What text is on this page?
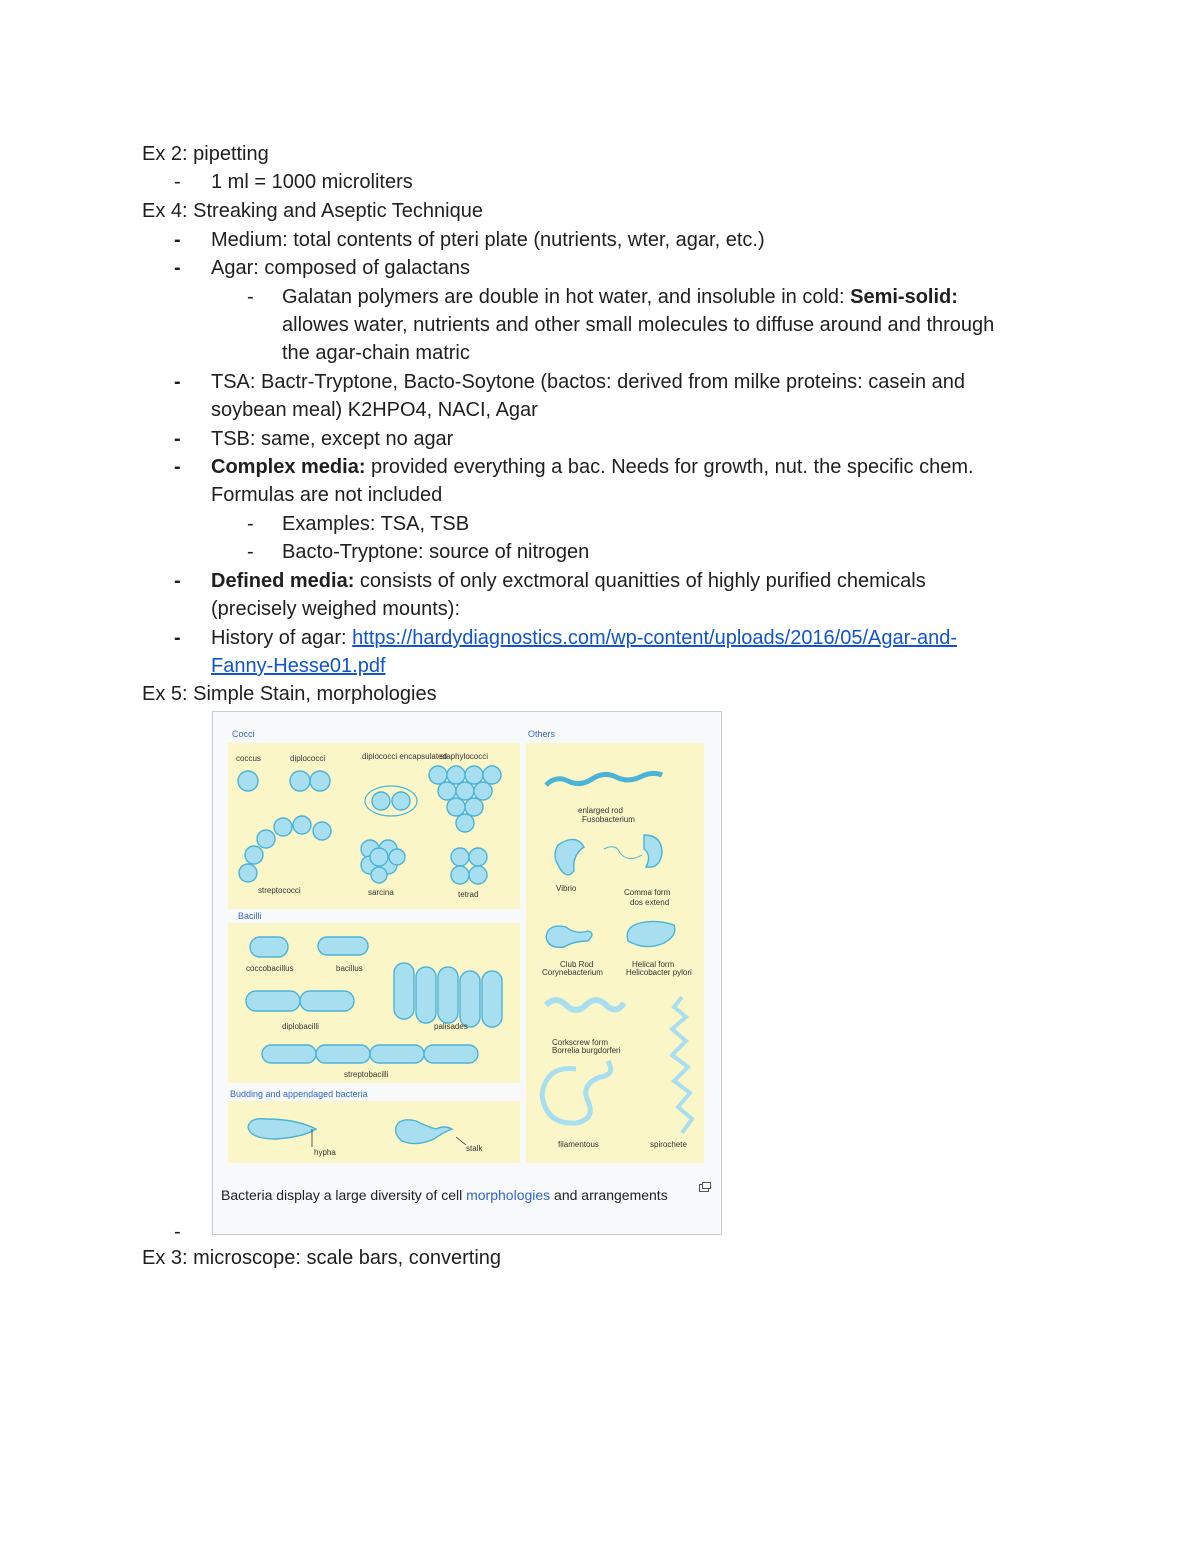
Ex 2: pipetting
- 1 ml = 1000 microliters
Ex 4: Streaking and Aseptic Technique
- Medium: total contents of pteri plate (nutrients, wter, agar, etc.)
- Agar: composed of galactans
- Galatan polymers are double in hot water, and insoluble in cold: Semi-solid:
allowes water, nutrients and other small molecules to diffuse around and through
the agar-chain matric
- TSA: Bactr-Tryptone, Bacto-Soytone (bactos: derived from milke proteins: casein and
soybean meal) K2HPO4, NACI, Agar
- TSB: same, except no agar
- Complex media: provided everything a bac. Needs for growth, nut. the specific chem.
Formulas are not included
- Examples: TSA, TSB
- Bacto-Tryptone: source of nitrogen
- Defined media: consists of only exctmoral quanitties of highly purified chemicals
(precisely weighed mounts):
- History of agar: https://hardydiagnostics.com/wp-content/uploads/2016/05/Agar-and-
Fanny-Hesse01.pdf
Ex 5: Simple Stain, morphologies
Cocci	Others
Bacilli
Budding and appendaged bacteria
coccus	diplococci	diplococci encapsulated
staphylococci
streptococci	sarcina	tetrad
enlarged rod
Fusobacterium
Vibrio	Comma form
dos extend
Club Rod
Corynebacterium
Helical form
Helicobacter pylori
Corkscrew form
Borrelia burgdorferi
filamentous	spirochete
coccobacillus	bacillus
diplobacilli	palisades
streptobacilli
hypha	stalk
Bacteria display a large diversity of cell morphologies and arrangements
-
Ex 3: microscope: scale bars, converting
